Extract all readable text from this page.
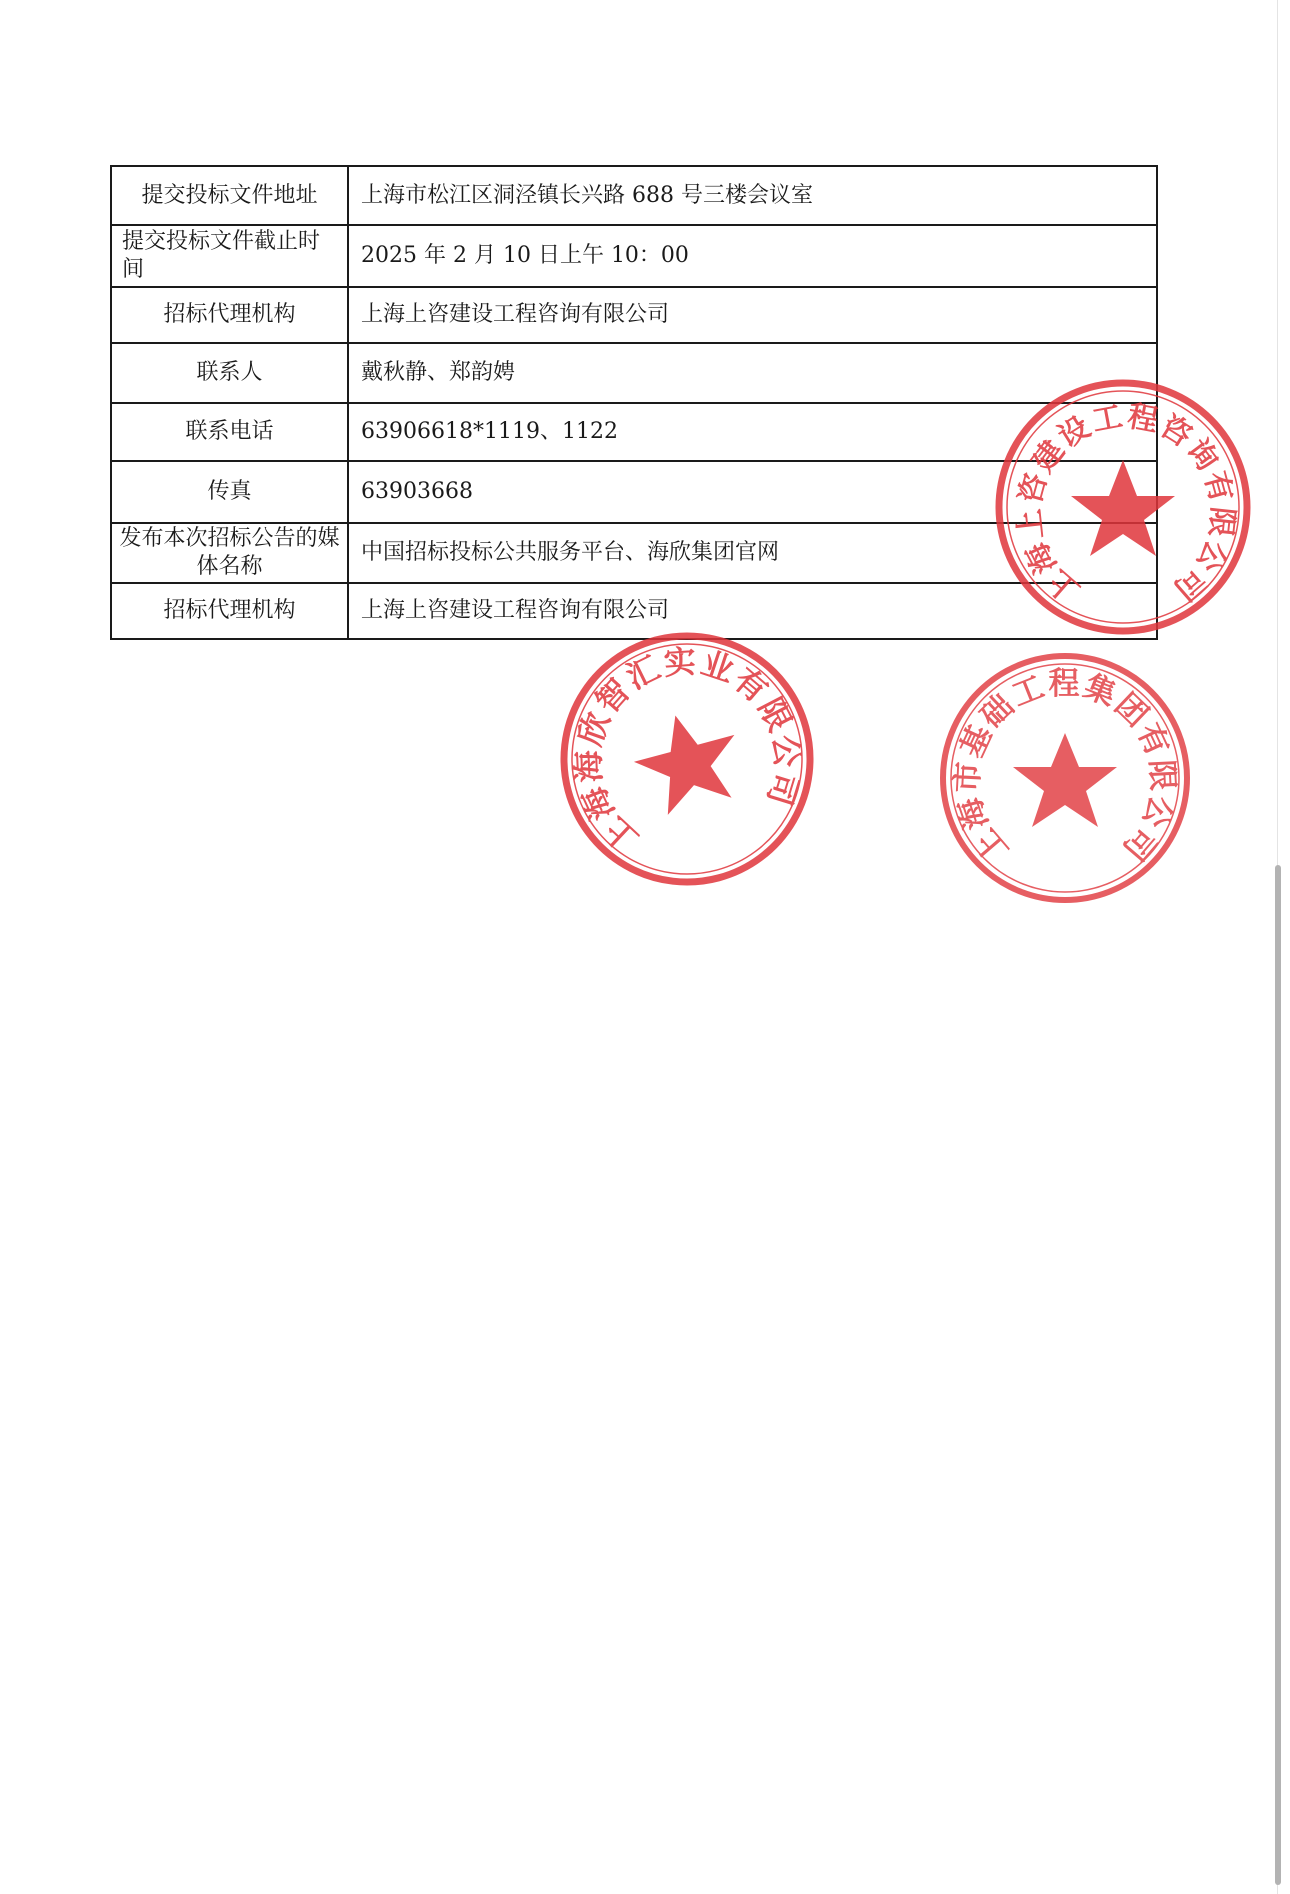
提交投标文件地址	上海市松江区洞泾镇长兴路 688 号三楼会议室
提交投标文件截止时间	2025 年 2 月 10 日上午 10：00
招标代理机构	上海上咨建设工程咨询有限公司
联系人	戴秋静、郑韵娉
联系电话	63906618*1119、1122
传真	63903668
发布本次招标公告的媒体名称	中国招标投标公共服务平台、海欣集团官网
招标代理机构	上海上咨建设工程咨询有限公司
上海上咨建设工程咨询有限公司
上海海欣智汇实业有限公司
上海市基础工程集团有限公司
